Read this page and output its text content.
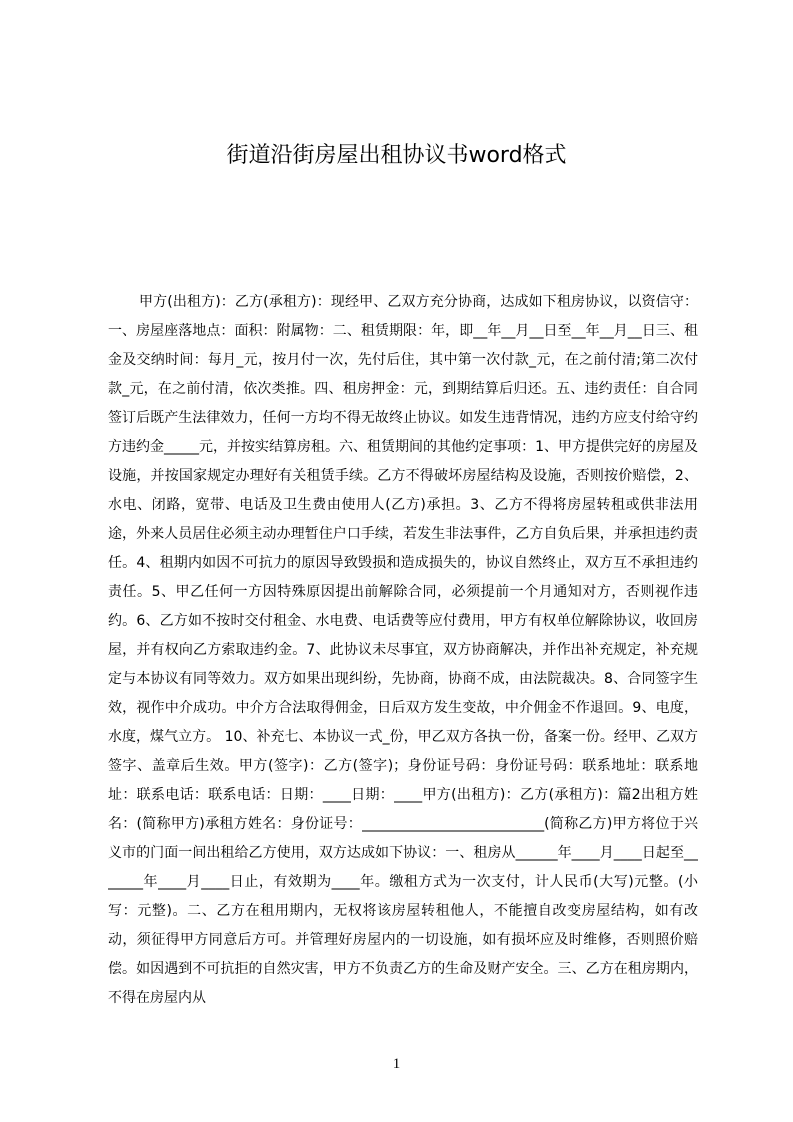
街道沿街房屋出租协议书word格式

甲方(出租方)：乙方(承租方)：现经甲、乙双方充分协商，达成如下租房协议，以资信守：一、房屋座落地点：面积：附属物：二、租赁期限：年，即__年__月__日至__年__月__日三、租金及交纳时间：每月_元，按月付一次，先付后住，其中第一次付款_元，在之前付清;第二次付款_元，在之前付清，依次类推。四、租房押金：元，到期结算后归还。五、违约责任：自合同签订后既产生法律效力，任何一方均不得无故终止协议。如发生违背情况，违约方应支付给守约方违约金_____元，并按实结算房租。六、租赁期间的其他约定事项：1、甲方提供完好的房屋及设施，并按国家规定办理好有关租赁手续。乙方不得破坏房屋结构及设施，否则按价赔偿，2、水电、闭路，宽带、电话及卫生费由使用人(乙方)承担。3、乙方不得将房屋转租或供非法用途，外来人员居住必须主动办理暂住户口手续，若发生非法事件，乙方自负后果，并承担违约责任。4、租期内如因不可抗力的原因导致毁损和造成损失的，协议自然终止，双方互不承担违约责任。5、甲乙任何一方因特殊原因提出前解除合同，必须提前一个月通知对方，否则视作违约。6、乙方如不按时交付租金、水电费、电话费等应付费用，甲方有权单位解除协议，收回房屋，并有权向乙方索取违约金。7、此协议未尽事宜，双方协商解决，并作出补充规定，补充规定与本协议有同等效力。双方如果出现纠纷，先协商，协商不成，由法院裁决。8、合同签字生效，视作中介成功。中介方合法取得佣金，日后双方发生变故，中介佣金不作退回。9、电度，水度，煤气立方。 10、补充七、本协议一式_份，甲乙双方各执一份，备案一份。经甲、乙双方签字、盖章后生效。甲方(签字)：乙方(签字)；身份证号码：身份证号码：联系地址：联系地址：联系电话：联系电话：日期：____日期：____甲方(出租方)：乙方(承租方)：篇2出租方姓名：(简称甲方)承租方姓名：身份证号：__________________________(简称乙方)甲方将位于兴义市的门面一间出租给乙方使用，双方达成如下协议：一、租房从______年____月____日起至_______年____月____日止，有效期为____年。缴租方式为一次支付，计人民币(大写)元整。(小写：元整)。二、乙方在租用期内，无权将该房屋转租他人，不能擅自改变房屋结构，如有改动，须征得甲方同意后方可。并管理好房屋内的一切设施，如有损坏应及时维修，否则照价赔偿。如因遇到不可抗拒的自然灾害，甲方不负责乙方的生命及财产安全。三、乙方在租房期内，不得在房屋内从

1
